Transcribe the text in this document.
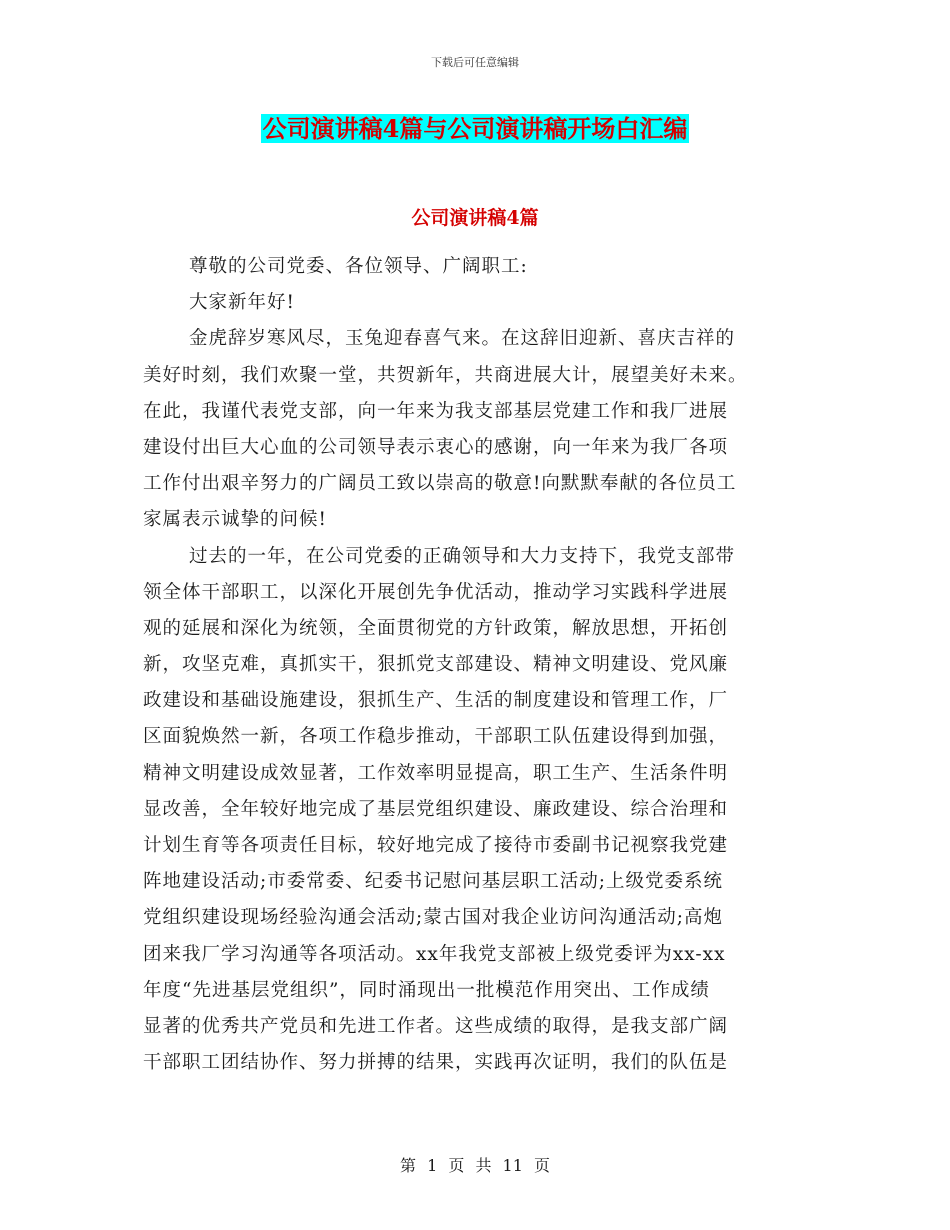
下载后可任意编辑
公司演讲稿4篇与公司演讲稿开场白汇编
公司演讲稿4篇
尊敬的公司党委、各位领导、广阔职工:
大家新年好!
金虎辞岁寒风尽，玉兔迎春喜气来。在这辞旧迎新、喜庆吉祥的
美好时刻，我们欢聚一堂，共贺新年，共商进展大计，展望美好未来。
在此，我谨代表党支部，向一年来为我支部基层党建工作和我厂进展
建设付出巨大心血的公司领导表示衷心的感谢，向一年来为我厂各项
工作付出艰辛努力的广阔员工致以崇高的敬意!向默默奉献的各位员工
家属表示诚挚的问候!
过去的一年，在公司党委的正确领导和大力支持下，我党支部带
领全体干部职工，以深化开展创先争优活动，推动学习实践科学进展
观的延展和深化为统领，全面贯彻党的方针政策，解放思想，开拓创
新，攻坚克难，真抓实干，狠抓党支部建设、精神文明建设、党风廉
政建设和基础设施建设，狠抓生产、生活的制度建设和管理工作，厂
区面貌焕然一新，各项工作稳步推动，干部职工队伍建设得到加强，
精神文明建设成效显著，工作效率明显提高，职工生产、生活条件明
显改善，全年较好地完成了基层党组织建设、廉政建设、综合治理和
计划生育等各项责任目标，较好地完成了接待市委副书记视察我党建
阵地建设活动;市委常委、纪委书记慰问基层职工活动;上级党委系统
党组织建设现场经验沟通会活动;蒙古国对我企业访问沟通活动;高炮
团来我厂学习沟通等各项活动。xx年我党支部被上级党委评为xx-xx
年度“先进基层党组织”，同时涌现出一批模范作用突出、工作成绩
显著的优秀共产党员和先进工作者。这些成绩的取得，是我支部广阔
干部职工团结协作、努力拼搏的结果，实践再次证明，我们的队伍是
第 1 页 共 11 页
